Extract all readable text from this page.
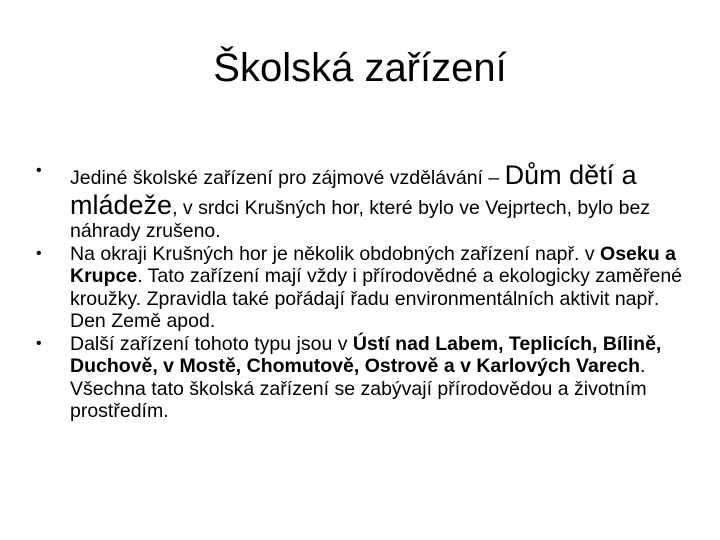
Školská zařízení
•	Jediné školské zařízení pro zájmové vzdělávání – Dům dětí a mládeže, v srdci Krušných hor, které bylo ve Vejprtech, bylo bez náhrady zrušeno.
•	Na okraji Krušných hor je několik obdobných zařízení např. v Oseku a Krupce. Tato zařízení mají vždy i přírodovědné a ekologicky zaměřené kroužky. Zpravidla také pořádají řadu environmentálních aktivit např. Den Země apod.
•	Další zařízení tohoto typu jsou v Ústí nad Labem, Teplicích, Bílině, Duchově, v Mostě, Chomutově, Ostrově a v Karlových Varech. Všechna tato školská zařízení se zabývají přírodovědou a životním prostředím.
